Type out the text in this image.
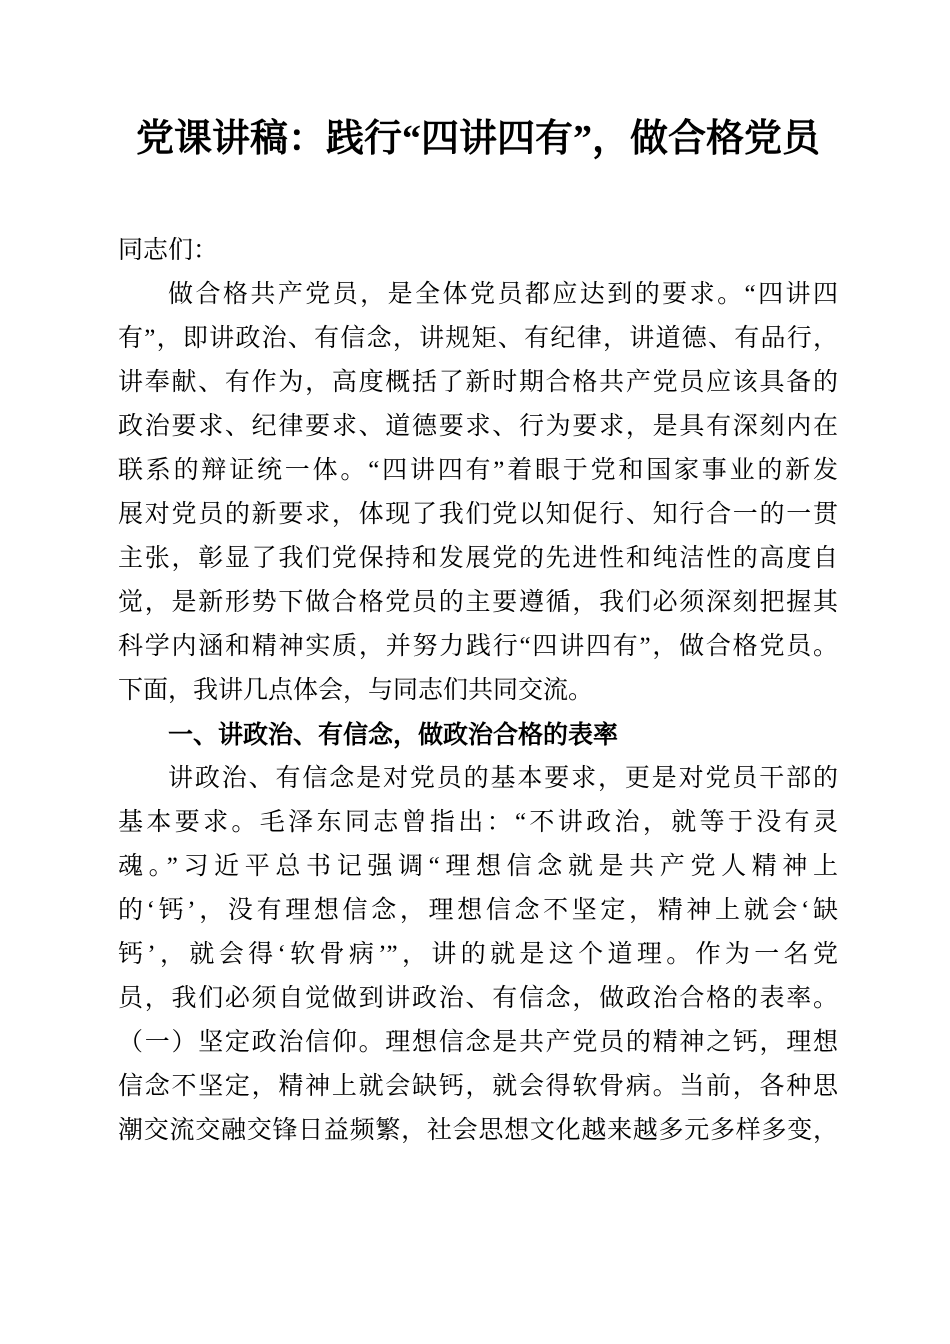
党课讲稿：践行“四讲四有”，做合格党员
同志们：
做合格共产党员，是全体党员都应达到的要求。“四讲四
有”，即讲政治、有信念，讲规矩、有纪律，讲道德、有品行，
讲奉献、有作为，高度概括了新时期合格共产党员应该具备的
政治要求、纪律要求、道德要求、行为要求，是具有深刻内在
联系的辩证统一体。“四讲四有”着眼于党和国家事业的新发
展对党员的新要求，体现了我们党以知促行、知行合一的一贯
主张，彰显了我们党保持和发展党的先进性和纯洁性的高度自
觉，是新形势下做合格党员的主要遵循，我们必须深刻把握其
科学内涵和精神实质，并努力践行“四讲四有”，做合格党员。
下面，我讲几点体会，与同志们共同交流。
一、讲政治、有信念，做政治合格的表率
讲政治、有信念是对党员的基本要求，更是对党员干部的
基本要求。毛泽东同志曾指出：“不讲政治，就等于没有灵
魂。”习近平总书记强调“理想信念就是共产党人精神上
的‘钙’，没有理想信念，理想信念不坚定，精神上就会‘缺
钙’，就会得‘软骨病’”，讲的就是这个道理。作为一名党
员，我们必须自觉做到讲政治、有信念，做政治合格的表率。
（一）坚定政治信仰。理想信念是共产党员的精神之钙，理想
信念不坚定，精神上就会缺钙，就会得软骨病。当前，各种思
潮交流交融交锋日益频繁，社会思想文化越来越多元多样多变，
